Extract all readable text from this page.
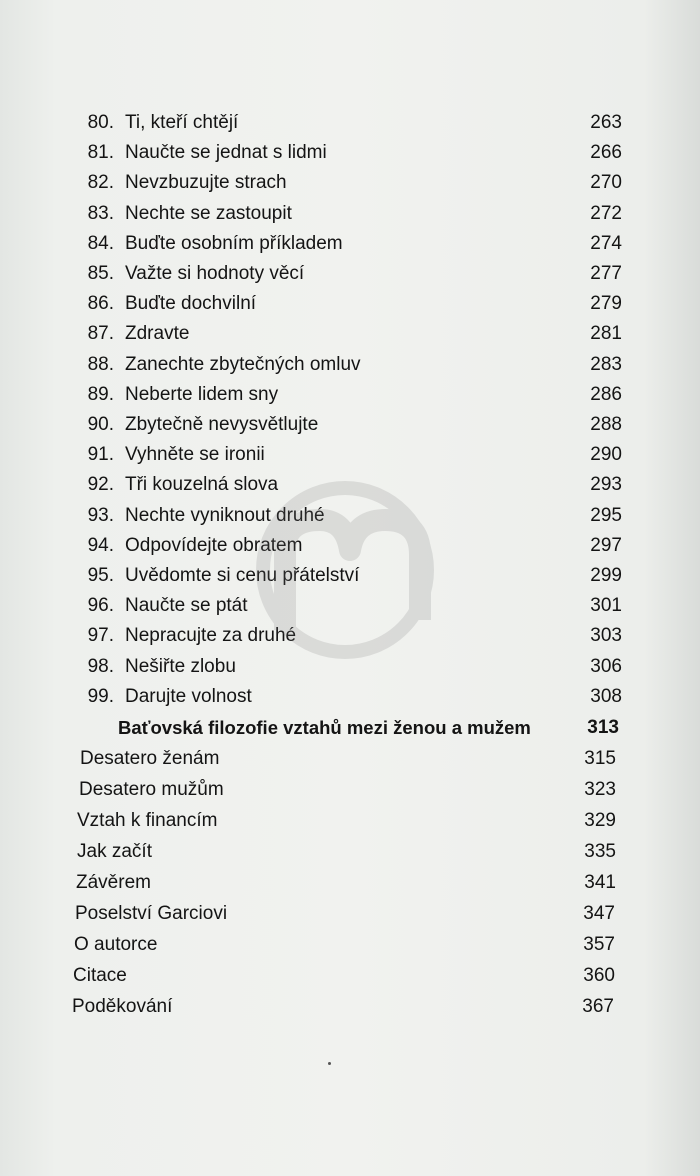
80. Ti, kteří chtějí	263
81. Naučte se jednat s lidmi	266
82. Nevzbuzujte strach	270
83. Nechte se zastoupit	272
84. Buďte osobním příkladem	274
85. Važte si hodnoty věcí	277
86. Buďte dochvilní	279
87. Zdravte	281
88. Zanechte zbytečných omluv	283
89. Neberte lidem sny	286
90. Zbytečně nevysvětlujte	288
91. Vyhněte se ironii	290
92. Tři kouzelná slova	293
93. Nechte vyniknout druhé	295
94. Odpovídejte obratem	297
95. Uvědomte si cenu přátelství	299
96. Naučte se ptát	301
97. Nepracujte za druhé	303
98. Nešiřte zlobu	306
99. Darujte volnost	308
Baťovská filozofie vztahů mezi ženou a mužem	313
Desatero ženám	315
Desatero mužům	323
Vztah k financím	329
Jak začít	335
Závěrem	341
Poselství Garciovi	347
O autorce	357
Citace	360
Poděkování	367
